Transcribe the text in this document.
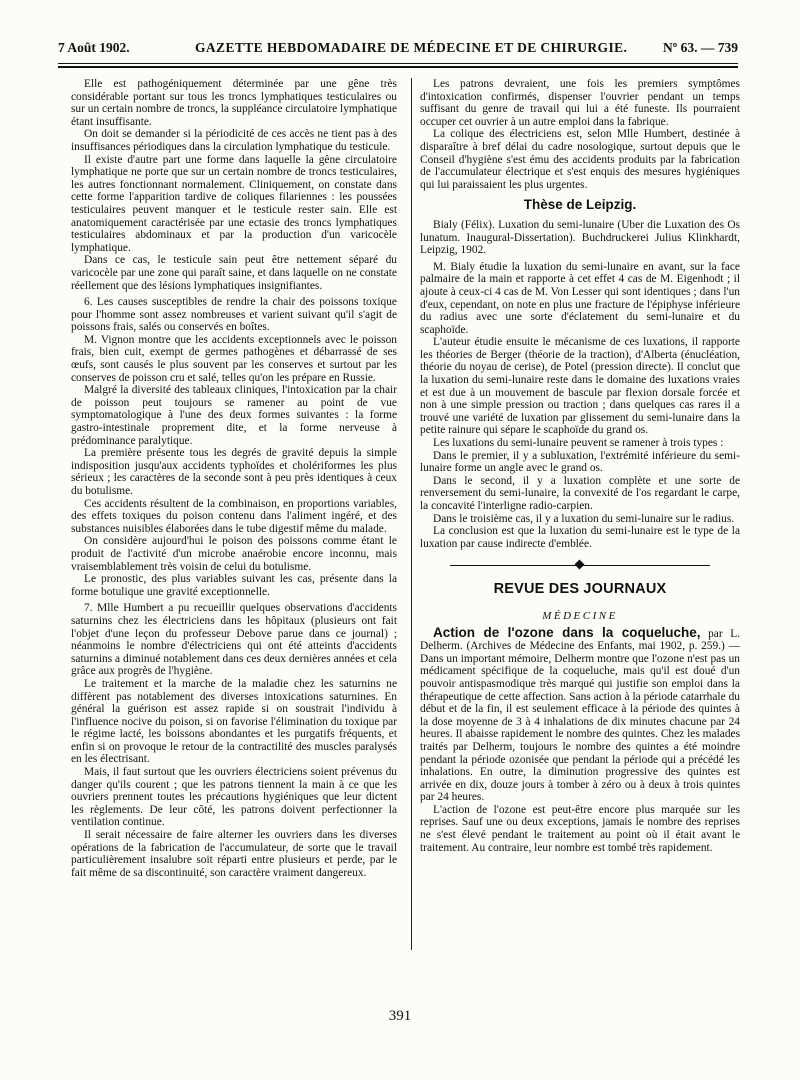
7 Août 1902.	GAZETTE HEBDOMADAIRE DE MÉDECINE ET DE CHIRURGIE.	Nº 63. — 739

Elle est pathogéniquement déterminée par une gêne très considérable portant sur tous les troncs lymphatiques testiculaires ou sur un certain nombre de troncs, la suppléance circulatoire lymphatique étant insuffisante.

On doit se demander si la périodicité de ces accès ne tient pas à des insuffisances périodiques dans la circulation lymphatique du testicule.

Il existe d'autre part une forme dans laquelle la gêne circulatoire lymphatique ne porte que sur un certain nombre de troncs testiculaires, les autres fonctionnant normalement. Cliniquement, on constate dans cette forme l'apparition tardive de coliques filariennes : les poussées testiculaires peuvent manquer et le testicule rester sain. Elle est anatomiquement caractérisée par une ectasie des troncs lymphatiques testiculaires abdominaux et par la production d'un varicocèle lymphatique.

Dans ce cas, le testicule sain peut être nettement séparé du varicocèle par une zone qui paraît saine, et dans laquelle on ne constate réellement que des lésions lymphatiques insignifiantes.

6. Les causes susceptibles de rendre la chair des poissons toxique pour l'homme sont assez nombreuses et varient suivant qu'il s'agit de poissons frais, salés ou conservés en boîtes.

M. Vignon montre que les accidents exceptionnels avec le poisson frais, bien cuit, exempt de germes pathogènes et débarrassé de ses œufs, sont causés le plus souvent par les conserves et surtout par les conserves de poisson cru et salé, telles qu'on les prépare en Russie.

Malgré la diversité des tableaux cliniques, l'intoxication par la chair de poisson peut toujours se ramener au point de vue symptomatologique à l'une des deux formes suivantes : la forme gastro-intestinale proprement dite, et la forme nerveuse à prédominance paralytique.

La première présente tous les degrés de gravité depuis la simple indisposition jusqu'aux accidents typhoïdes et cholériformes les plus sérieux ; les caractères de la seconde sont à peu près identiques à ceux du botulisme.

Ces accidents résultent de la combinaison, en proportions variables, des effets toxiques du poison contenu dans l'aliment ingéré, et des substances nuisibles élaborées dans le tube digestif même du malade.

On considère aujourd'hui le poison des poissons comme étant le produit de l'activité d'un microbe anaérobie encore inconnu, mais vraisemblablement très voisin de celui du botulisme.

Le pronostic, des plus variables suivant les cas, présente dans la forme botulique une gravité exceptionnelle.

7. Mlle Humbert a pu recueillir quelques observations d'accidents saturnins chez les électriciens dans les hôpitaux (plusieurs ont fait l'objet d'une leçon du professeur Debove parue dans ce journal) ; néanmoins le nombre d'électriciens qui ont été atteints d'accidents saturnins a diminué notablement dans ces deux dernières années et cela grâce aux progrès de l'hygiène.

Le traitement et la marche de la maladie chez les saturnins ne diffèrent pas notablement des diverses intoxications saturnines. En général la guérison est assez rapide si on soustrait l'individu à l'influence nocive du poison, si on favorise l'élimination du toxique par le régime lacté, les boissons abondantes et les purgatifs fréquents, et enfin si on provoque le retour de la contractilité des muscles paralysés en les électrisant.

Mais, il faut surtout que les ouvriers électriciens soient prévenus du danger qu'ils courent ; que les patrons tiennent la main à ce que les ouvriers prennent toutes les précautions hygiéniques que leur dictent les règlements. De leur côté, les patrons doivent perfectionner la ventilation continue.

Il serait nécessaire de faire alterner les ouvriers dans les diverses opérations de la fabrication de l'accumulateur, de sorte que le travail particulièrement insalubre soit réparti entre plusieurs et perde, par le fait même de sa discontinuité, son caractère vraiment dangereux.

Les patrons devraient, une fois les premiers symptômes d'intoxication confirmés, dispenser l'ouvrier pendant un temps suffisant du genre de travail qui lui a été funeste. Ils pourraient occuper cet ouvrier à un autre emploi dans la fabrique.

La colique des électriciens est, selon Mlle Humbert, destinée à disparaître à bref délai du cadre nosologique, surtout depuis que le Conseil d'hygiène s'est ému des accidents produits par la fabrication de l'accumulateur électrique et s'est enquis des mesures hygiéniques qui lui paraissaient les plus urgentes.

Thèse de Leipzig.

Bialy (Félix). Luxation du semi-lunaire (Uber die Luxation des Os lunatum. Inaugural-Dissertation). Buchdruckerei Julius Klinkhardt, Leipzig, 1902.

M. Bialy étudie la luxation du semi-lunaire en avant, sur la face palmaire de la main et rapporte à cet effet 4 cas de M. Eigenhodt ; il ajoute à ceux-ci 4 cas de M. Von Lesser qui sont identiques ; dans l'un d'eux, cependant, on note en plus une fracture de l'épiphyse inférieure du radius avec une sorte d'éclatement du semi-lunaire et du scaphoïde.

L'auteur étudie ensuite le mécanisme de ces luxations, il rapporte les théories de Berger (théorie de la traction), d'Alberta (énucléation, théorie du noyau de cerise), de Potel (pression directe). Il conclut que la luxation du semi-lunaire reste dans le domaine des luxations vraies et est due à un mouvement de bascule par flexion dorsale forcée et non à une simple pression ou traction ; dans quelques cas rares il a trouvé une variété de luxation par glissement du semi-lunaire dans la petite rainure qui sépare le scaphoïde du grand os.

Les luxations du semi-lunaire peuvent se ramener à trois types :

Dans le premier, il y a subluxation, l'extrémité inférieure du semi-lunaire forme un angle avec le grand os.

Dans le second, il y a luxation complète et une sorte de renversement du semi-lunaire, la convexité de l'os regardant le carpe, la concavité l'interligne radio-carpien.

Dans le troisième cas, il y a luxation du semi-lunaire sur le radius.

La conclusion est que la luxation du semi-lunaire est le type de la luxation par cause indirecte d'emblée.

REVUE DES JOURNAUX
MÉDECINE

Action de l'ozone dans la coqueluche, par L. Delherm. (Archives de Médecine des Enfants, mai 1902, p. 259.) — Dans un important mémoire, Delherm montre que l'ozone n'est pas un médicament spécifique de la coqueluche, mais qu'il est doué d'un pouvoir antispasmodique très marqué qui justifie son emploi dans la thérapeutique de cette affection. Sans action à la période catarrhale du début et de la fin, il est seulement efficace à la période des quintes à la dose moyenne de 3 à 4 inhalations de dix minutes chacune par 24 heures. Il abaisse rapidement le nombre des quintes. Chez les malades traités par Delherm, toujours le nombre des quintes a été moindre pendant la période ozonisée que pendant la période qui a précédé les inhalations. En outre, la diminution progressive des quintes est arrivée en dix, douze jours à tomber à zéro ou à deux à trois quintes par 24 heures.

L'action de l'ozone est peut-être encore plus marquée sur les reprises. Sauf une ou deux exceptions, jamais le nombre des reprises ne s'est élevé pendant le traitement au point où il était avant le traitement. Au contraire, leur nombre est tombé très rapidement.

391
